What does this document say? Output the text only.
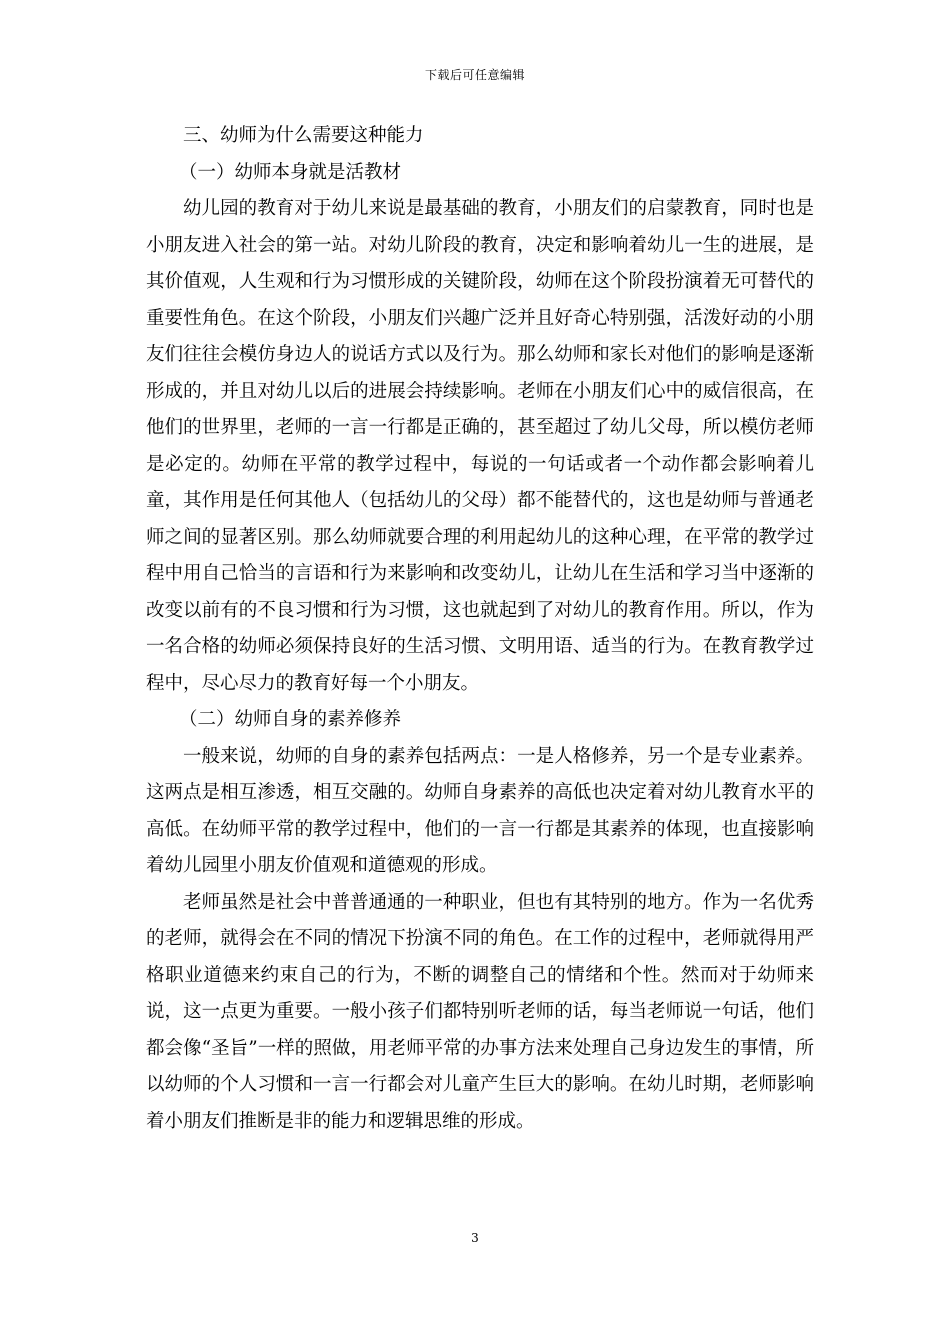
下载后可任意编辑
三、幼师为什么需要这种能力
（一）幼师本身就是活教材

幼儿园的教育对于幼儿来说是最基础的教育，小朋友们的启蒙教育，同时也是小朋友进入社会的第一站。对幼儿阶段的教育，决定和影响着幼儿一生的进展，是其价值观，人生观和行为习惯形成的关键阶段，幼师在这个阶段扮演着无可替代的重要性角色。在这个阶段，小朋友们兴趣广泛并且好奇心特别强，活泼好动的小朋友们往往会模仿身边人的说话方式以及行为。那么幼师和家长对他们的影响是逐渐形成的，并且对幼儿以后的进展会持续影响。老师在小朋友们心中的威信很高，在他们的世界里，老师的一言一行都是正确的，甚至超过了幼儿父母，所以模仿老师是必定的。幼师在平常的教学过程中，每说的一句话或者一个动作都会影响着儿童，其作用是任何其他人（包括幼儿的父母）都不能替代的，这也是幼师与普通老师之间的显著区别。那么幼师就要合理的利用起幼儿的这种心理，在平常的教学过程中用自己恰当的言语和行为来影响和改变幼儿，让幼儿在生活和学习当中逐渐的改变以前有的不良习惯和行为习惯，这也就起到了对幼儿的教育作用。所以，作为一名合格的幼师必须保持良好的生活习惯、文明用语、适当的行为。在教育教学过程中，尽心尽力的教育好每一个小朋友。

（二）幼师自身的素养修养

一般来说，幼师的自身的素养包括两点：一是人格修养，另一个是专业素养。这两点是相互渗透，相互交融的。幼师自身素养的高低也决定着对幼儿教育水平的高低。在幼师平常的教学过程中，他们的一言一行都是其素养的体现，也直接影响着幼儿园里小朋友价值观和道德观的形成。

老师虽然是社会中普普通通的一种职业，但也有其特别的地方。作为一名优秀的老师，就得会在不同的情况下扮演不同的角色。在工作的过程中，老师就得用严格职业道德来约束自己的行为，不断的调整自己的情绪和个性。然而对于幼师来说，这一点更为重要。一般小孩子们都特别听老师的话，每当老师说一句话，他们都会像“圣旨”一样的照做，用老师平常的办事方法来处理自己身边发生的事情，所以幼师的个人习惯和一言一行都会对儿童产生巨大的影响。在幼儿时期，老师影响着小朋友们推断是非的能力和逻辑思维的形成。

3
